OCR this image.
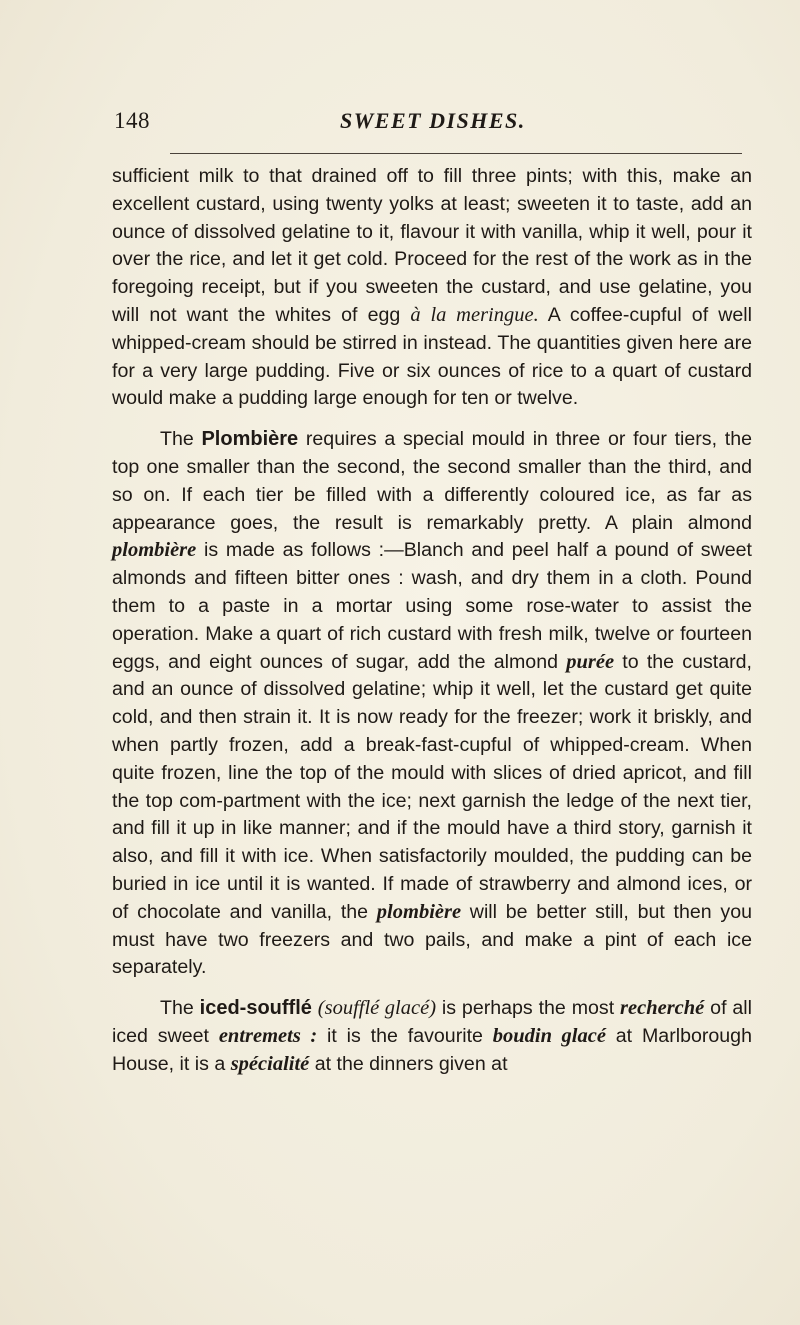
148	SWEET DISHES.

sufficient milk to that drained off to fill three pints; with this, make an excellent custard, using twenty yolks at least; sweeten it to taste, add an ounce of dissolved gelatine to it, flavour it with vanilla, whip it well, pour it over the rice, and let it get cold. Proceed for the rest of the work as in the foregoing receipt, but if you sweeten the custard, and use gelatine, you will not want the whites of egg à la meringue. A coffee-cupful of well whipped-cream should be stirred in instead. The quantities given here are for a very large pudding. Five or six ounces of rice to a quart of custard would make a pudding large enough for ten or twelve.

The Plombière requires a special mould in three or four tiers, the top one smaller than the second, the second smaller than the third, and so on. If each tier be filled with a differently coloured ice, as far as appearance goes, the result is remarkably pretty. A plain almond plombière is made as follows :—Blanch and peel half a pound of sweet almonds and fifteen bitter ones : wash, and dry them in a cloth. Pound them to a paste in a mortar using some rose-water to assist the operation. Make a quart of rich custard with fresh milk, twelve or fourteen eggs, and eight ounces of sugar, add the almond purée to the custard, and an ounce of dissolved gelatine; whip it well, let the custard get quite cold, and then strain it. It is now ready for the freezer; work it briskly, and when partly frozen, add a break-fast-cupful of whipped-cream. When quite frozen, line the top of the mould with slices of dried apricot, and fill the top com-partment with the ice; next garnish the ledge of the next tier, and fill it up in like manner; and if the mould have a third story, garnish it also, and fill it with ice. When satisfactorily moulded, the pudding can be buried in ice until it is wanted. If made of strawberry and almond ices, or of chocolate and vanilla, the plombière will be better still, but then you must have two freezers and two pails, and make a pint of each ice separately.

The iced-soufflé (soufflé glacé) is perhaps the most recherché of all iced sweet entremets : it is the favourite boudin glacé at Marlborough House, it is a spécialité at the dinners given at
